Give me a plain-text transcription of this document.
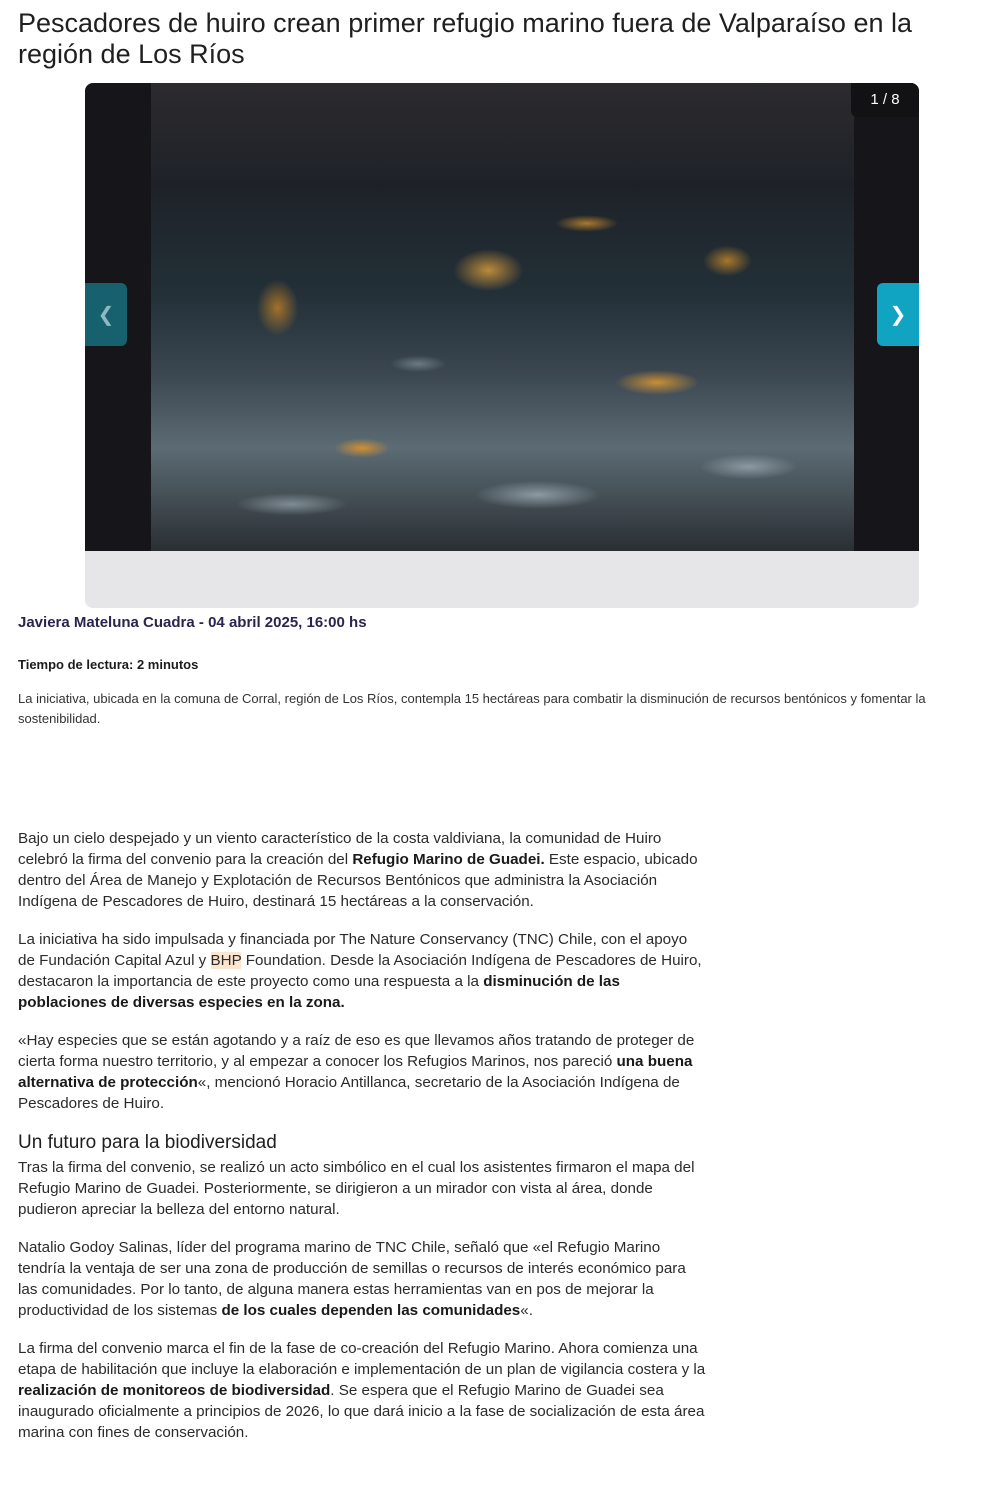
Pescadores de huiro crean primer refugio marino fuera de Valparaíso en la región de Los Ríos
1 / 8
❮	❯
Javiera Mateluna Cuadra - 04 abril 2025, 16:00 hs
Tiempo de lectura: 2 minutos

La iniciativa, ubicada en la comuna de Corral, región de Los Ríos, contempla 15 hectáreas para combatir la disminución de recursos bentónicos y fomentar la sostenibilidad.

Bajo un cielo despejado y un viento característico de la costa valdiviana, la comunidad de Huiro celebró la firma del convenio para la creación del Refugio Marino de Guadei. Este espacio, ubicado dentro del Área de Manejo y Explotación de Recursos Bentónicos que administra la Asociación Indígena de Pescadores de Huiro, destinará 15 hectáreas a la conservación.

La iniciativa ha sido impulsada y financiada por The Nature Conservancy (TNC) Chile, con el apoyo de Fundación Capital Azul y BHP Foundation. Desde la Asociación Indígena de Pescadores de Huiro, destacaron la importancia de este proyecto como una respuesta a la disminución de las poblaciones de diversas especies en la zona.

«Hay especies que se están agotando y a raíz de eso es que llevamos años tratando de proteger de cierta forma nuestro territorio, y al empezar a conocer los Refugios Marinos, nos pareció una buena alternativa de protección«, mencionó Horacio Antillanca, secretario de la Asociación Indígena de Pescadores de Huiro.

Un futuro para la biodiversidad

Tras la firma del convenio, se realizó un acto simbólico en el cual los asistentes firmaron el mapa del Refugio Marino de Guadei. Posteriormente, se dirigieron a un mirador con vista al área, donde pudieron apreciar la belleza del entorno natural.

Natalio Godoy Salinas, líder del programa marino de TNC Chile, señaló que «el Refugio Marino tendría la ventaja de ser una zona de producción de semillas o recursos de interés económico para las comunidades. Por lo tanto, de alguna manera estas herramientas van en pos de mejorar la productividad de los sistemas de los cuales dependen las comunidades«.

La firma del convenio marca el fin de la fase de co-creación del Refugio Marino. Ahora comienza una etapa de habilitación que incluye la elaboración e implementación de un plan de vigilancia costera y la realización de monitoreos de biodiversidad. Se espera que el Refugio Marino de Guadei sea inaugurado oficialmente a principios de 2026, lo que dará inicio a la fase de socialización de esta área marina con fines de conservación.
